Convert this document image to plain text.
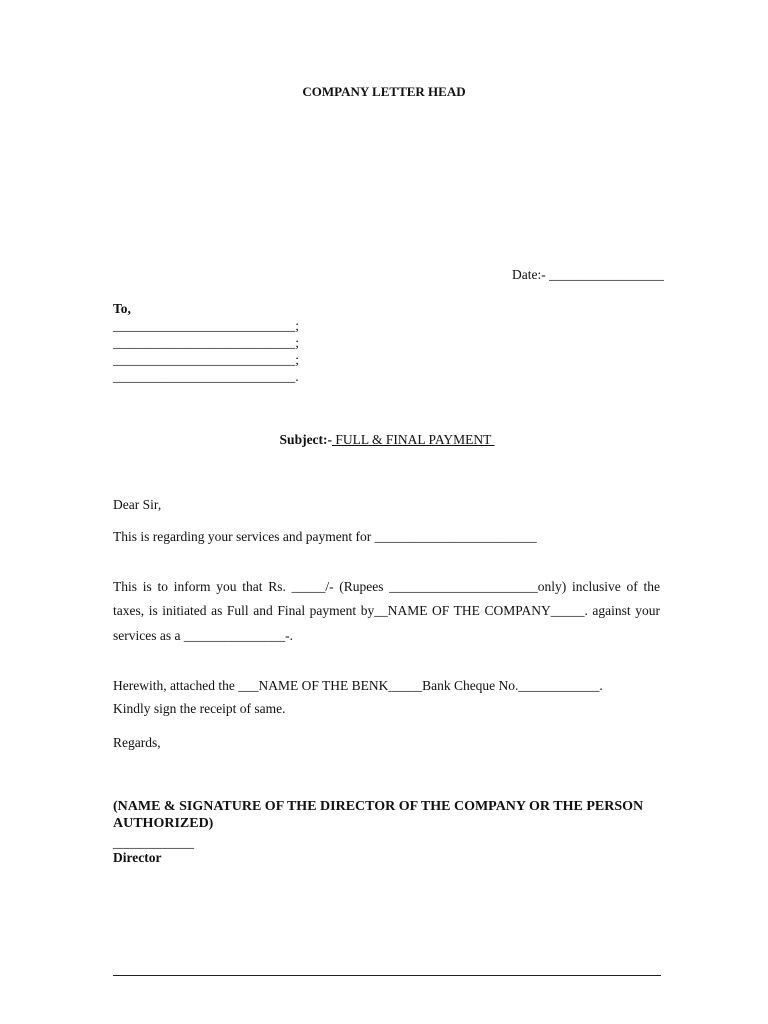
COMPANY LETTER HEAD
Date:- _________________
To,
___________________________;
___________________________;
___________________________;
___________________________.
Subject:- FULL & FINAL PAYMENT
Dear Sir,
This is regarding your services and payment for ________________________
This is to inform you that Rs. _____/- (Rupees ______________________only) inclusive of the
taxes, is initiated as Full and Final payment by__NAME OF THE COMPANY_____. against your
services as a _______________-.
Herewith, attached the ___NAME OF THE BENK_____Bank Cheque No.____________.
Kindly sign the receipt of same.
Regards,
(NAME & SIGNATURE OF THE DIRECTOR OF THE COMPANY OR THE PERSON AUTHORIZED)
____________
Director
